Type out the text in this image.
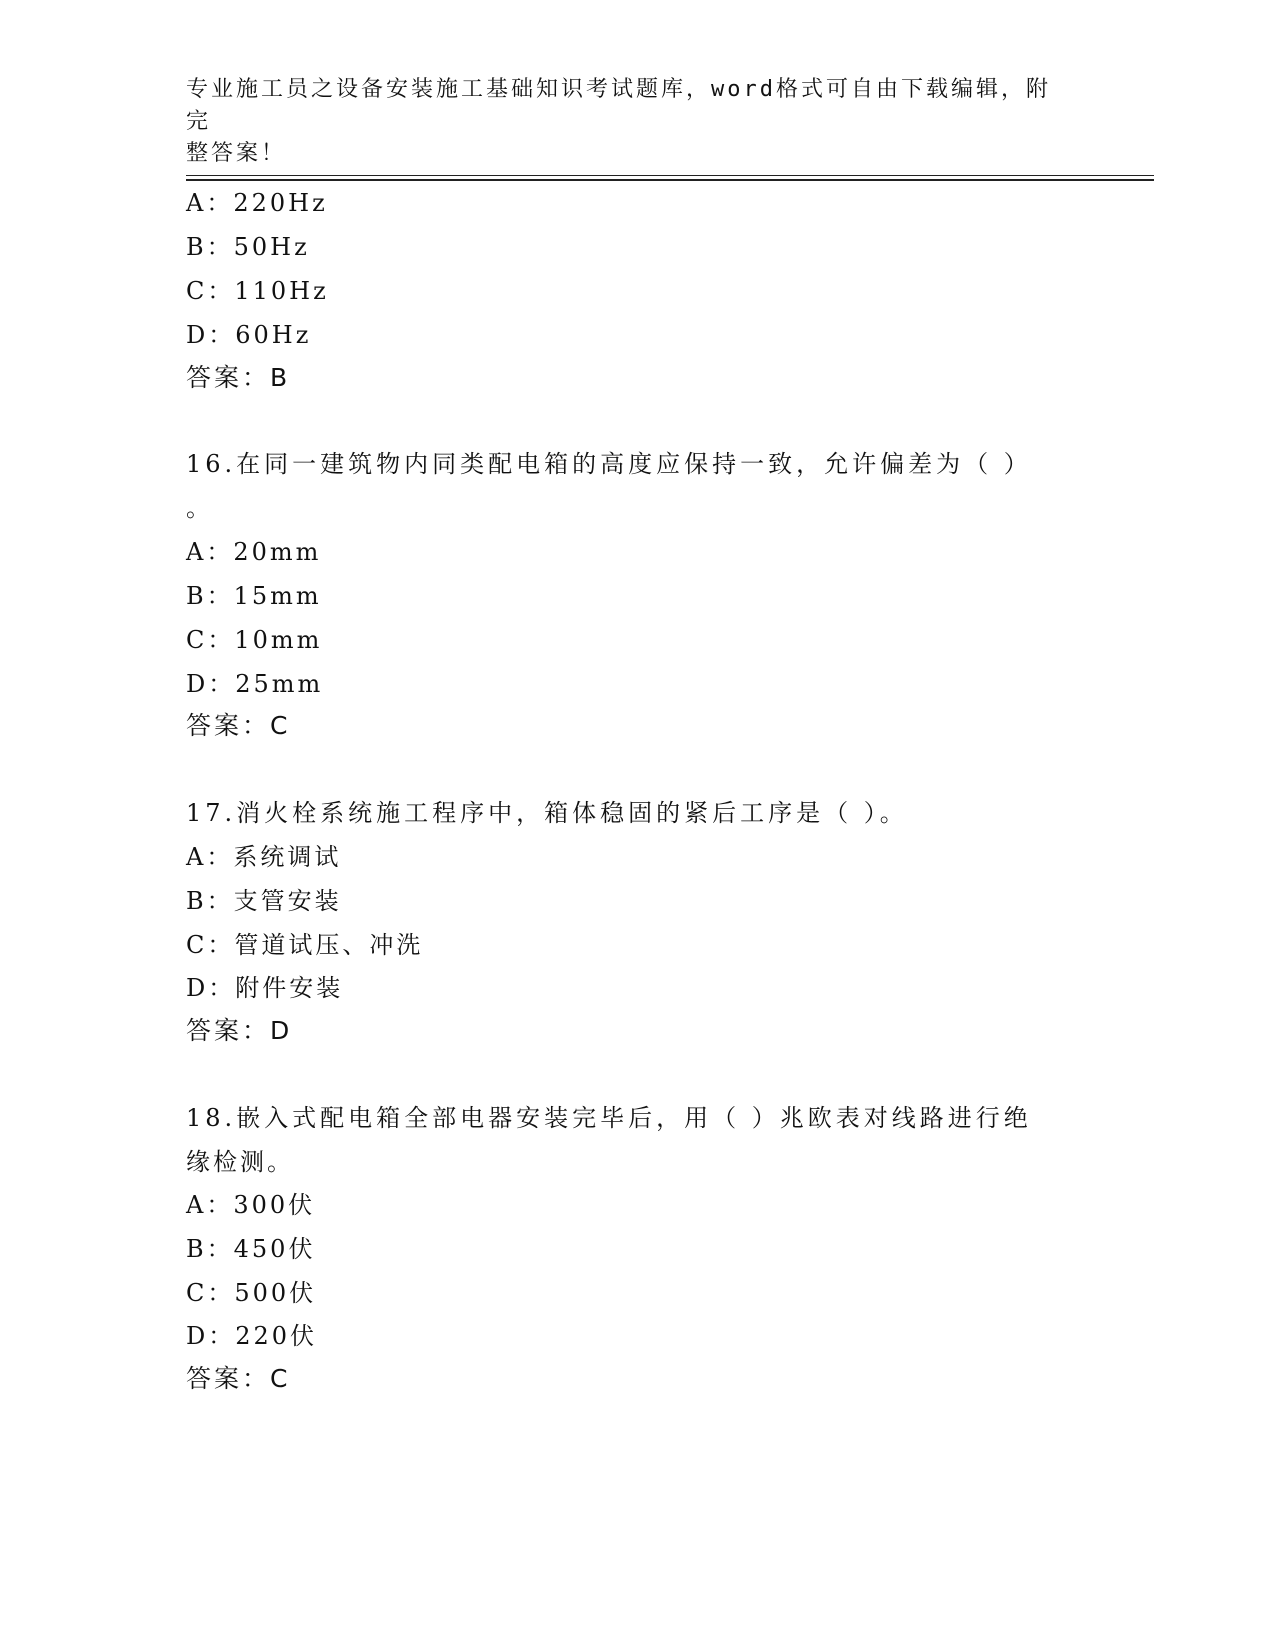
专业施工员之设备安装施工基础知识考试题库，word格式可自由下载编辑，附完
整答案！
A：220Hz
B：50Hz
C：110Hz
D：60Hz
答案：B
16.在同一建筑物内同类配电箱的高度应保持一致，允许偏差为（ ）
。
A：20mm
B：15mm
C：10mm
D：25mm
答案：C
17.消火栓系统施工程序中，箱体稳固的紧后工序是（ ）。
A：系统调试
B：支管安装
C：管道试压、冲洗
D：附件安装
答案：D
18.嵌入式配电箱全部电器安装完毕后，用（ ）兆欧表对线路进行绝
缘检测。
A：300伏
B：450伏
C：500伏
D：220伏
答案：C
